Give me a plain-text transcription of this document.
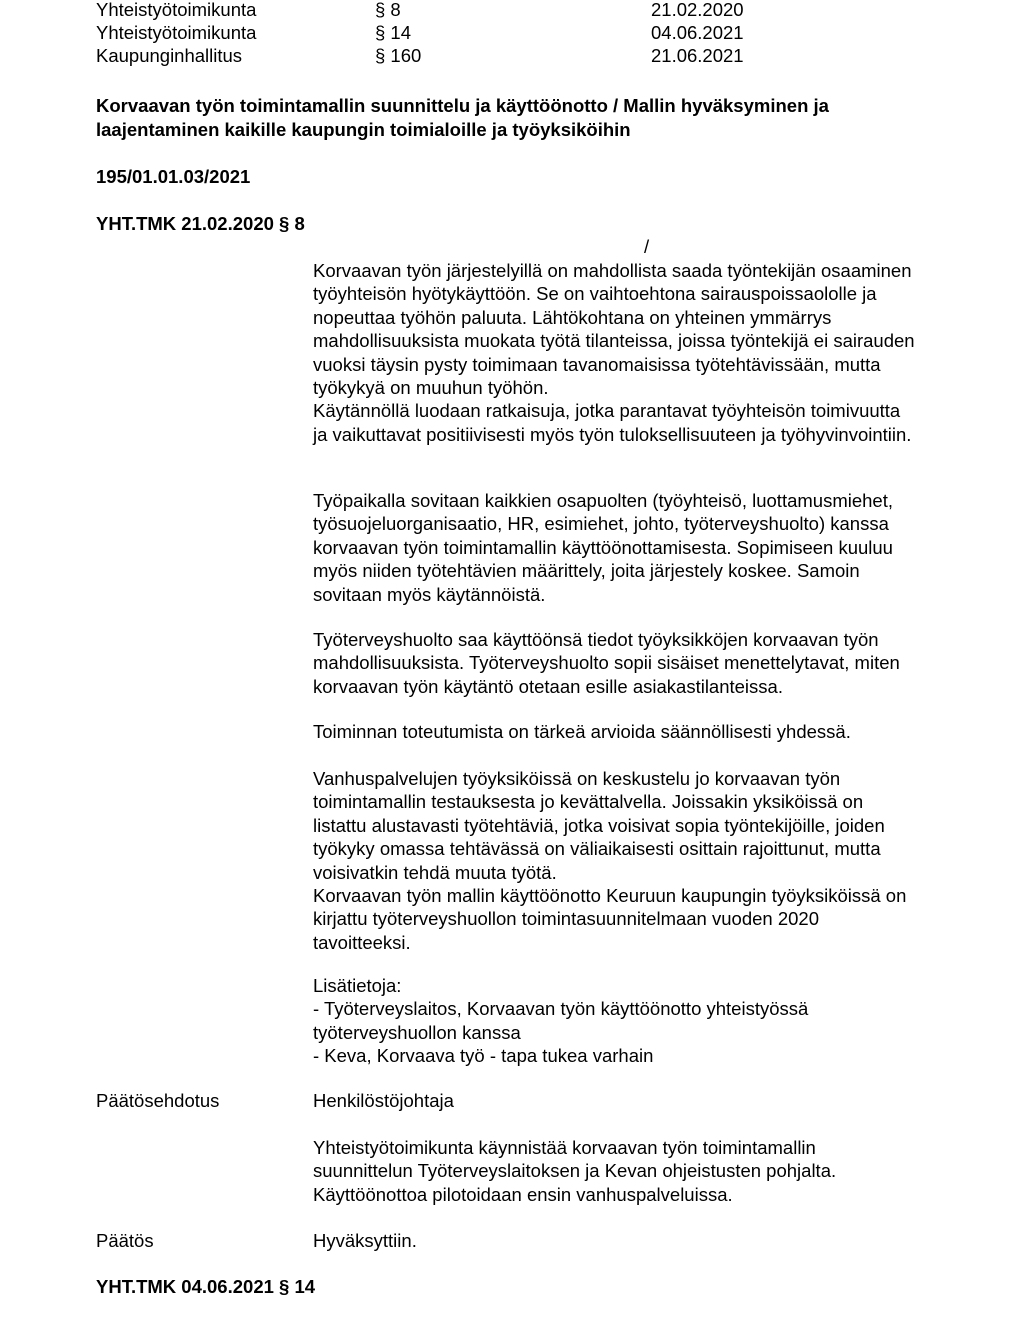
Yhteistyötoimikunta	§ 8	21.02.2020
Yhteistyötoimikunta	§ 14	04.06.2021
Kaupunginhallitus	§ 160	21.06.2021
Korvaavan työn toimintamallin suunnittelu ja käyttöönotto / Mallin hyväksyminen ja laajentaminen kaikille kaupungin toimialoille ja työyksiköihin
195/01.01.03/2021
YHT.TMK 21.02.2020 § 8
/

Korvaavan työn järjestelyillä on mahdollista saada työntekijän osaaminen työyhteisön hyötykäyttöön. Se on vaihtoehtona sairauspoissaololle ja nopeuttaa työhön paluuta. Lähtökohtana on yhteinen ymmärrys mahdollisuuksista muokata työtä tilanteissa, joissa työntekijä ei sairauden vuoksi täysin pysty toimimaan tavanomaisissa työtehtävissään, mutta työkykyä on muuhun työhön.

Käytännöllä luodaan ratkaisuja, jotka parantavat työyhteisön toimivuutta ja vaikuttavat positiivisesti myös työn tuloksellisuuteen ja työhyvinvointiin.

Työpaikalla sovitaan kaikkien osapuolten (työyhteisö, luottamusmiehet, työsuojeluorganisaatio, HR, esimiehet, johto, työterveyshuolto) kanssa korvaavan työn toimintamallin käyttöönottamisesta. Sopimiseen kuuluu myös niiden työtehtävien määrittely, joita järjestely koskee. Samoin sovitaan myös käytännöistä.

Työterveyshuolto saa käyttöönsä tiedot työyksikköjen korvaavan työn mahdollisuuksista. Työterveyshuolto sopii sisäiset menettelytavat, miten korvaavan työn käytäntö otetaan esille asiakastilanteissa.

Toiminnan toteutumista on tärkeä arvioida säännöllisesti yhdessä.

Vanhuspalvelujen työyksiköissä on keskustelu jo korvaavan työn toimintamallin testauksesta jo kevättalvella. Joissakin yksiköissä on listattu alustavasti työtehtäviä, jotka voisivat sopia työntekijöille, joiden työkyky omassa tehtävässä on väliaikaisesti osittain rajoittunut, mutta voisivatkin tehdä muuta työtä.

Korvaavan työn mallin käyttöönotto Keuruun kaupungin työyksiköissä on kirjattu työterveyshuollon toimintasuunnitelmaan vuoden 2020 tavoitteeksi.

Lisätietoja:

- Työterveyslaitos, Korvaavan työn käyttöönotto yhteistyössä työterveyshuollon kanssa

- Keva, Korvaava työ - tapa tukea varhain

Päätösehdotus	Henkilöstöjohtaja

Yhteistyötoimikunta käynnistää korvaavan työn toimintamallin suunnittelun Työterveyslaitoksen ja Kevan ohjeistusten pohjalta. Käyttöönottoa pilotoidaan ensin vanhuspalveluissa.

Päätös	Hyväksyttiin.
YHT.TMK 04.06.2021 § 14
